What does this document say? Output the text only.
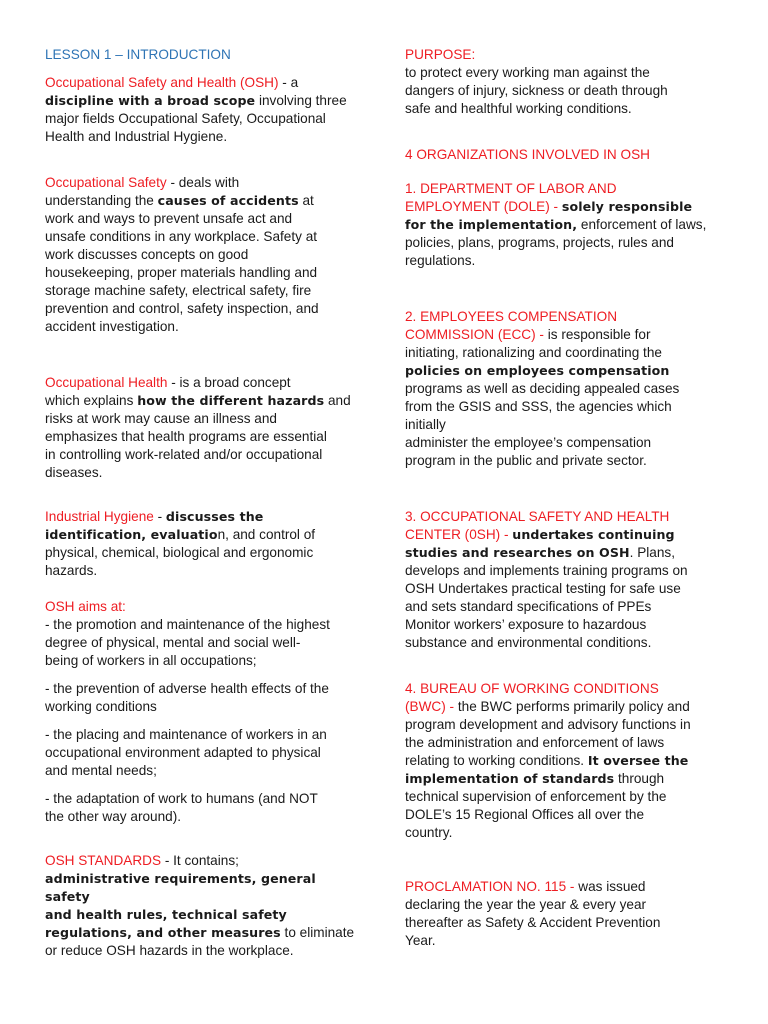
LESSON 1 – INTRODUCTION

Occupational Safety and Health (OSH) - a
discipline with a broad scope involving three
major fields Occupational Safety, Occupational
Health and Industrial Hygiene.

Occupational Safety - deals with
understanding the causes of accidents at
work and ways to prevent unsafe act and
unsafe conditions in any workplace. Safety at
work discusses concepts on good
housekeeping, proper materials handling and
storage machine safety, electrical safety, fire
prevention and control, safety inspection, and
accident investigation.

Occupational Health - is a broad concept
which explains how the different hazards and
risks at work may cause an illness and
emphasizes that health programs are essential
in controlling work-related and/or occupational
diseases.

Industrial Hygiene - discusses the
identification, evaluation, and control of
physical, chemical, biological and ergonomic
hazards.

OSH aims at:

- the promotion and maintenance of the highest
degree of physical, mental and social well-
being of workers in all occupations;

- the prevention of adverse health effects of the
working conditions

- the placing and maintenance of workers in an
occupational environment adapted to physical
and mental needs;

- the adaptation of work to humans (and NOT
the other way around).

OSH STANDARDS - It contains;
administrative requirements, general safety
and health rules, technical safety
regulations, and other measures to eliminate
or reduce OSH hazards in the workplace.

PURPOSE:

to protect every working man against the
dangers of injury, sickness or death through
safe and healthful working conditions.

4 ORGANIZATIONS INVOLVED IN OSH

1. DEPARTMENT OF LABOR AND
EMPLOYMENT (DOLE) - solely responsible
for the implementation, enforcement of laws,
policies, plans, programs, projects, rules and
regulations.

2. EMPLOYEES COMPENSATION
COMMISSION (ECC) - is responsible for
initiating, rationalizing and coordinating the
policies on employees compensation
programs as well as deciding appealed cases
from the GSIS and SSS, the agencies which
initially
administer the employee’s compensation
program in the public and private sector.

3. OCCUPATIONAL SAFETY AND HEALTH
CENTER (0SH) - undertakes continuing
studies and researches on OSH. Plans,
develops and implements training programs on
OSH Undertakes practical testing for safe use
and sets standard specifications of PPEs
Monitor workers’ exposure to hazardous
substance and environmental conditions.

4. BUREAU OF WORKING CONDITIONS
(BWC) - the BWC performs primarily policy and
program development and advisory functions in
the administration and enforcement of laws
relating to working conditions. It oversee the
implementation of standards through
technical supervision of enforcement by the
DOLE’s 15 Regional Offices all over the
country.

PROCLAMATION NO. 115 - was issued
declaring the year the year & every year
thereafter as Safety & Accident Prevention
Year.
